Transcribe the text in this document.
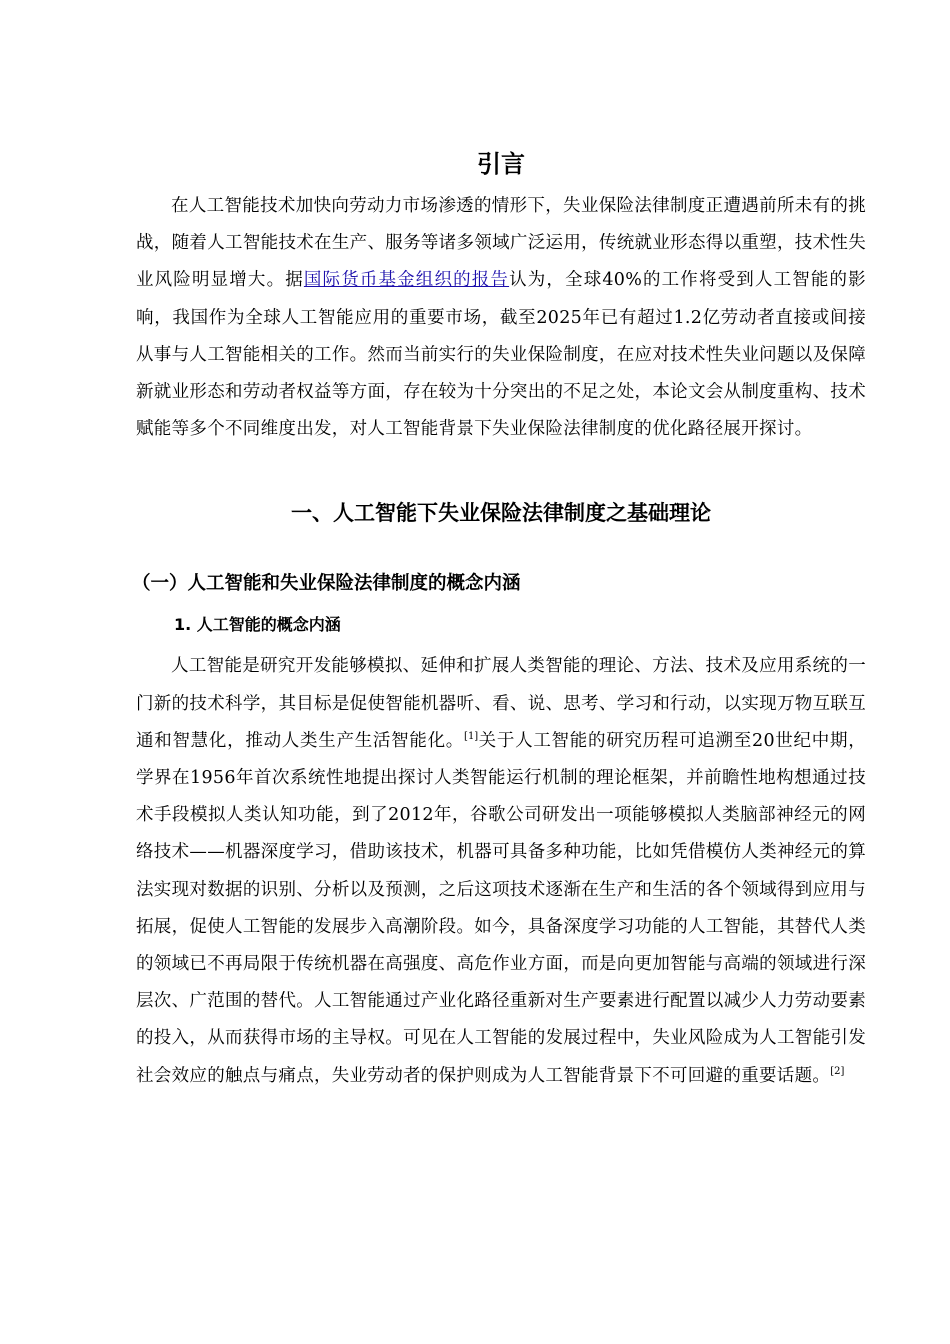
引言

在人工智能技术加快向劳动力市场渗透的情形下，失业保险法律制度正遭遇前所未有的挑战，随着人工智能技术在生产、服务等诸多领域广泛运用，传统就业形态得以重塑，技术性失业风险明显增大。据国际货币基金组织的报告认为，全球40%的工作将受到人工智能的影响，我国作为全球人工智能应用的重要市场，截至2025年已有超过1.2亿劳动者直接或间接从事与人工智能相关的工作。然而当前实行的失业保险制度，在应对技术性失业问题以及保障新就业形态和劳动者权益等方面，存在较为十分突出的不足之处，本论文会从制度重构、技术赋能等多个不同维度出发，对人工智能背景下失业保险法律制度的优化路径展开探讨。

一、人工智能下失业保险法律制度之基础理论
（一）人工智能和失业保险法律制度的概念内涵
1. 人工智能的概念内涵

人工智能是研究开发能够模拟、延伸和扩展人类智能的理论、方法、技术及应用系统的一门新的技术科学，其目标是促使智能机器听、看、说、思考、学习和行动，以实现万物互联互通和智慧化，推动人类生产生活智能化。[1]关于人工智能的研究历程可追溯至20世纪中期，学界在1956年首次系统性地提出探讨人类智能运行机制的理论框架，并前瞻性地构想通过技术手段模拟人类认知功能，到了2012年，谷歌公司研发出一项能够模拟人类脑部神经元的网络技术——机器深度学习，借助该技术，机器可具备多种功能，比如凭借模仿人类神经元的算法实现对数据的识别、分析以及预测，之后这项技术逐渐在生产和生活的各个领域得到应用与拓展，促使人工智能的发展步入高潮阶段。如今，具备深度学习功能的人工智能，其替代人类的领域已不再局限于传统机器在高强度、高危作业方面，而是向更加智能与高端的领域进行深层次、广范围的替代。人工智能通过产业化路径重新对生产要素进行配置以减少人力劳动要素的投入，从而获得市场的主导权。可见在人工智能的发展过程中，失业风险成为人工智能引发社会效应的触点与痛点，失业劳动者的保护则成为人工智能背景下不可回避的重要话题。[2]
